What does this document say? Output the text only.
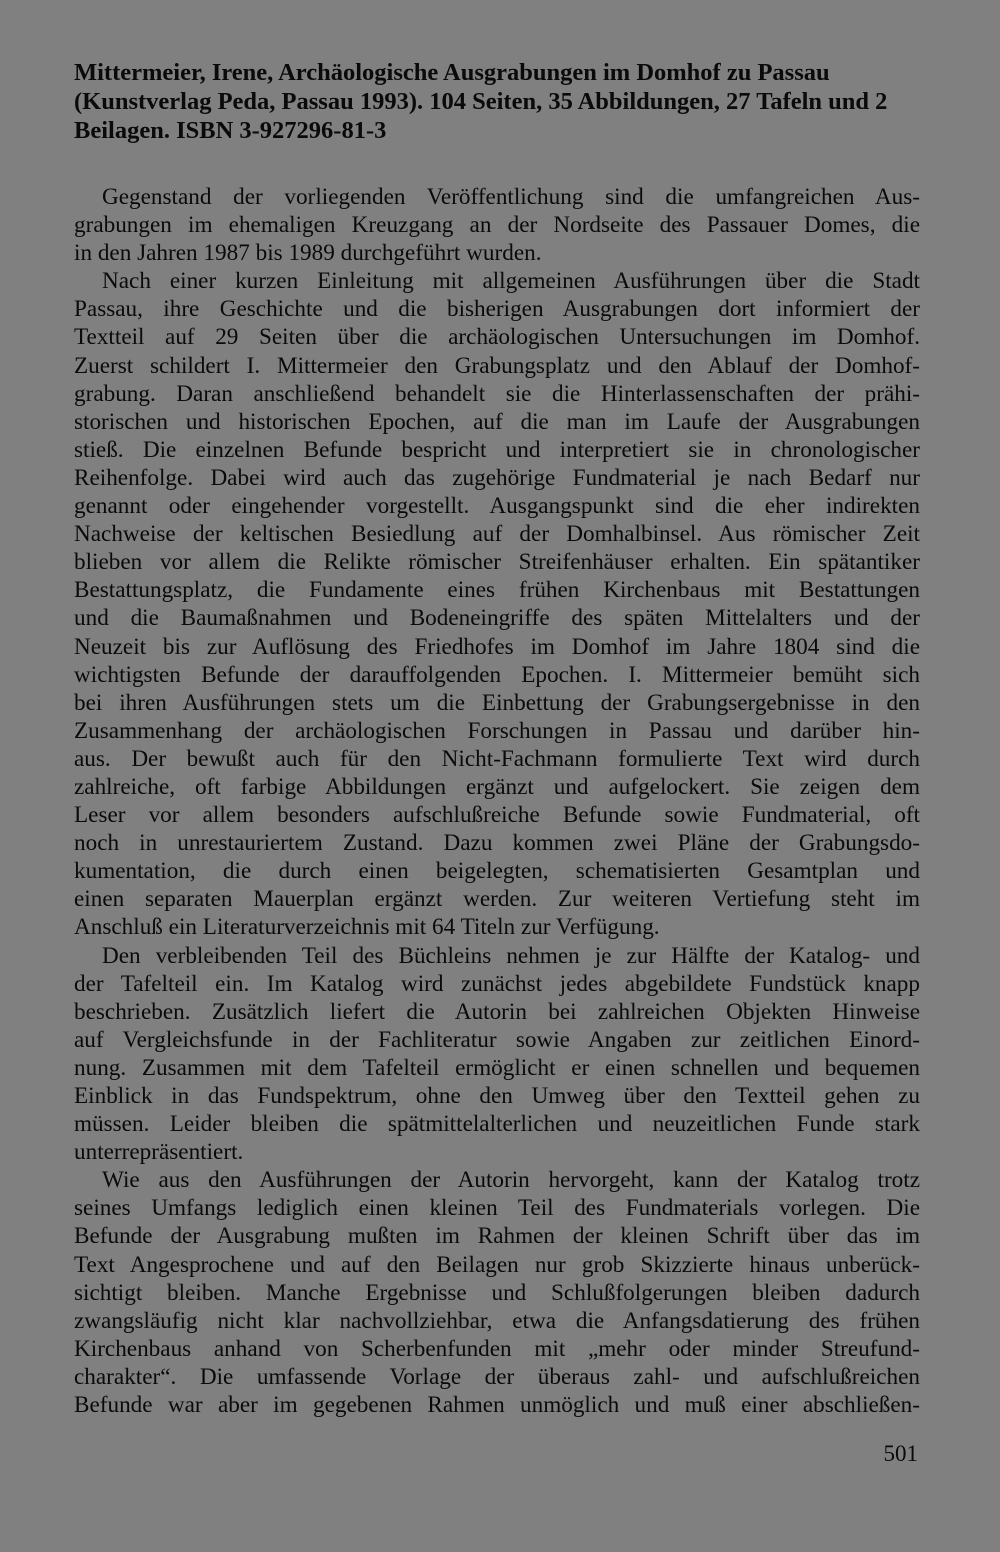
Mittermeier, Irene, Archäologische Ausgrabungen im Domhof zu Passau
(Kunstverlag Peda, Passau 1993). 104 Seiten, 35 Abbildungen, 27 Tafeln und 2
Beilagen. ISBN 3-927296-81-3

Gegenstand der vorliegenden Veröffentlichung sind die umfangreichen Aus-
grabungen im ehemaligen Kreuzgang an der Nordseite des Passauer Domes, die
in den Jahren 1987 bis 1989 durchgeführt wurden.

Nach einer kurzen Einleitung mit allgemeinen Ausführungen über die Stadt
Passau, ihre Geschichte und die bisherigen Ausgrabungen dort informiert der
Textteil auf 29 Seiten über die archäologischen Untersuchungen im Domhof.
Zuerst schildert I. Mittermeier den Grabungsplatz und den Ablauf der Domhof-
grabung. Daran anschließend behandelt sie die Hinterlassenschaften der prähi-
storischen und historischen Epochen, auf die man im Laufe der Ausgrabungen
stieß. Die einzelnen Befunde bespricht und interpretiert sie in chronologischer
Reihenfolge. Dabei wird auch das zugehörige Fundmaterial je nach Bedarf nur
genannt oder eingehender vorgestellt. Ausgangspunkt sind die eher indirekten
Nachweise der keltischen Besiedlung auf der Domhalbinsel. Aus römischer Zeit
blieben vor allem die Relikte römischer Streifenhäuser erhalten. Ein spätantiker
Bestattungsplatz, die Fundamente eines frühen Kirchenbaus mit Bestattungen
und die Baumaßnahmen und Bodeneingriffe des späten Mittelalters und der
Neuzeit bis zur Auflösung des Friedhofes im Domhof im Jahre 1804 sind die
wichtigsten Befunde der darauffolgenden Epochen. I. Mittermeier bemüht sich
bei ihren Ausführungen stets um die Einbettung der Grabungsergebnisse in den
Zusammenhang der archäologischen Forschungen in Passau und darüber hin-
aus. Der bewußt auch für den Nicht-Fachmann formulierte Text wird durch
zahlreiche, oft farbige Abbildungen ergänzt und aufgelockert. Sie zeigen dem
Leser vor allem besonders aufschlußreiche Befunde sowie Fundmaterial, oft
noch in unrestauriertem Zustand. Dazu kommen zwei Pläne der Grabungsdo-
kumentation, die durch einen beigelegten, schematisierten Gesamtplan und
einen separaten Mauerplan ergänzt werden. Zur weiteren Vertiefung steht im
Anschluß ein Literaturverzeichnis mit 64 Titeln zur Verfügung.

Den verbleibenden Teil des Büchleins nehmen je zur Hälfte der Katalog- und
der Tafelteil ein. Im Katalog wird zunächst jedes abgebildete Fundstück knapp
beschrieben. Zusätzlich liefert die Autorin bei zahlreichen Objekten Hinweise
auf Vergleichsfunde in der Fachliteratur sowie Angaben zur zeitlichen Einord-
nung. Zusammen mit dem Tafelteil ermöglicht er einen schnellen und bequemen
Einblick in das Fundspektrum, ohne den Umweg über den Textteil gehen zu
müssen. Leider bleiben die spätmittelalterlichen und neuzeitlichen Funde stark
unterrepräsentiert.

Wie aus den Ausführungen der Autorin hervorgeht, kann der Katalog trotz
seines Umfangs lediglich einen kleinen Teil des Fundmaterials vorlegen. Die
Befunde der Ausgrabung mußten im Rahmen der kleinen Schrift über das im
Text Angesprochene und auf den Beilagen nur grob Skizzierte hinaus unberück-
sichtigt bleiben. Manche Ergebnisse und Schlußfolgerungen bleiben dadurch
zwangsläufig nicht klar nachvollziehbar, etwa die Anfangsdatierung des frühen
Kirchenbaus anhand von Scherbenfunden mit „mehr oder minder Streufund-
charakter“. Die umfassende Vorlage der überaus zahl- und aufschlußreichen
Befunde war aber im gegebenen Rahmen unmöglich und muß einer abschließen-

501
